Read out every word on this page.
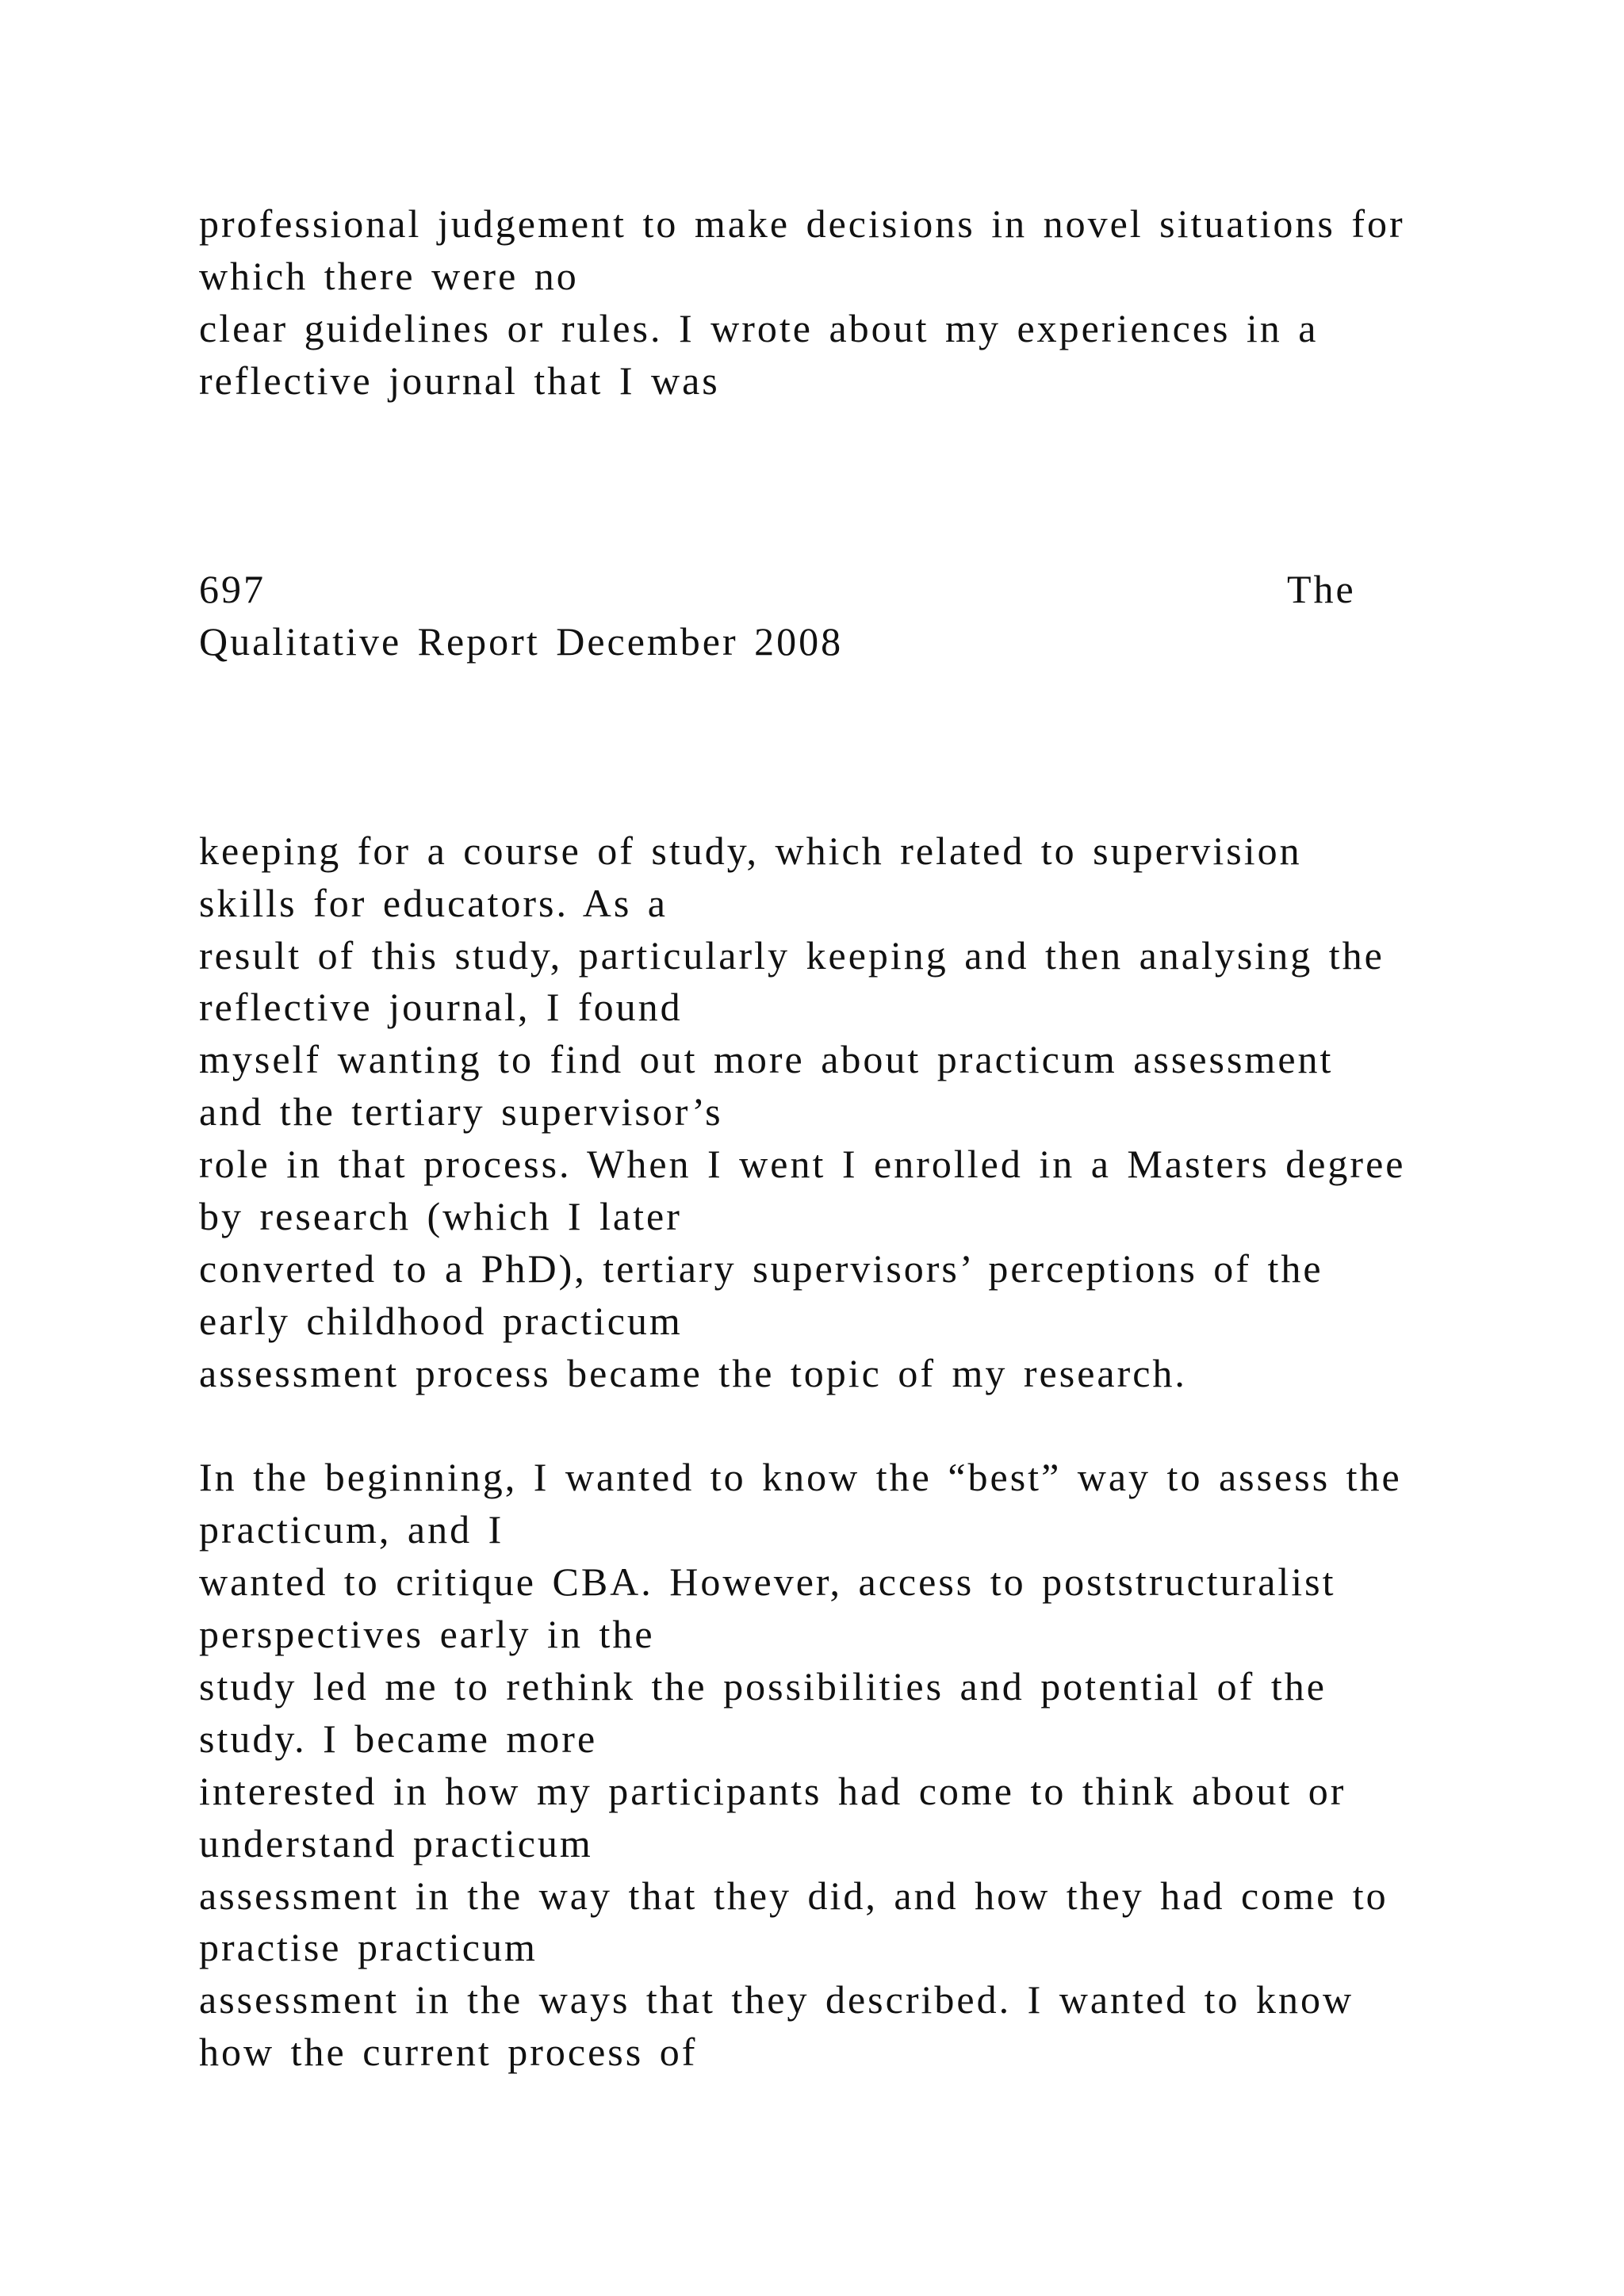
professional judgement to make decisions in novel situations for
which there were no
clear guidelines or rules. I wrote about my experiences in a
reflective journal that I was
697	The
Qualitative Report December 2008
keeping for a course of study, which related to supervision
skills for educators. As a
result of this study, particularly keeping and then analysing the
reflective journal, I found
myself wanting to find out more about practicum assessment
and the tertiary supervisor’s
role in that process. When I went I enrolled in a Masters degree
by research (which I later
converted to a PhD), tertiary supervisors’ perceptions of the
early childhood practicum
assessment process became the topic of my research.
In the beginning, I wanted to know the “best” way to assess the
practicum, and I
wanted to critique CBA. However, access to poststructuralist
perspectives early in the
study led me to rethink the possibilities and potential of the
study. I became more
interested in how my participants had come to think about or
understand practicum
assessment in the way that they did, and how they had come to
practise practicum
assessment in the ways that they described. I wanted to know
how the current process of
